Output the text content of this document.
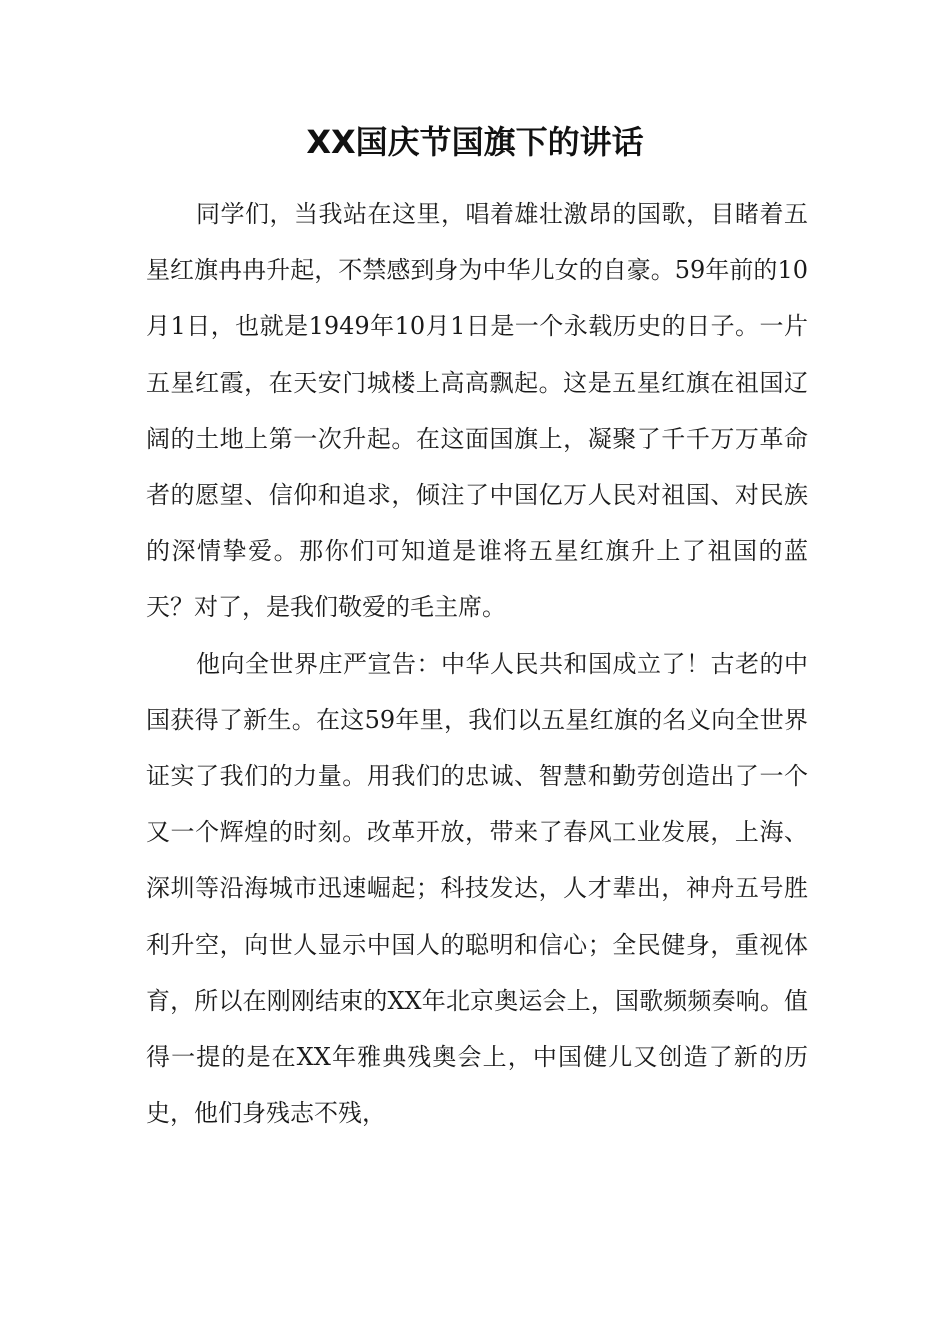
XX国庆节国旗下的讲话

同学们，当我站在这里，唱着雄壮激昂的国歌，目睹着五星红旗冉冉升起，不禁感到身为中华儿女的自豪。59年前的10月1日，也就是1949年10月1日是一个永载历史的日子。一片五星红霞，在天安门城楼上高高飘起。这是五星红旗在祖国辽阔的土地上第一次升起。在这面国旗上，凝聚了千千万万革命者的愿望、信仰和追求，倾注了中国亿万人民对祖国、对民族的深情挚爱。那你们可知道是谁将五星红旗升上了祖国的蓝天？对了，是我们敬爱的毛主席。

他向全世界庄严宣告：中华人民共和国成立了！古老的中国获得了新生。在这59年里，我们以五星红旗的名义向全世界证实了我们的力量。用我们的忠诚、智慧和勤劳创造出了一个又一个辉煌的时刻。改革开放，带来了春风工业发展，上海、深圳等沿海城市迅速崛起；科技发达，人才辈出，神舟五号胜利升空，向世人显示中国人的聪明和信心；全民健身，重视体育，所以在刚刚结束的XX年北京奥运会上，国歌频频奏响。值得一提的是在XX年雅典残奥会上，中国健儿又创造了新的历史，他们身残志不残，
